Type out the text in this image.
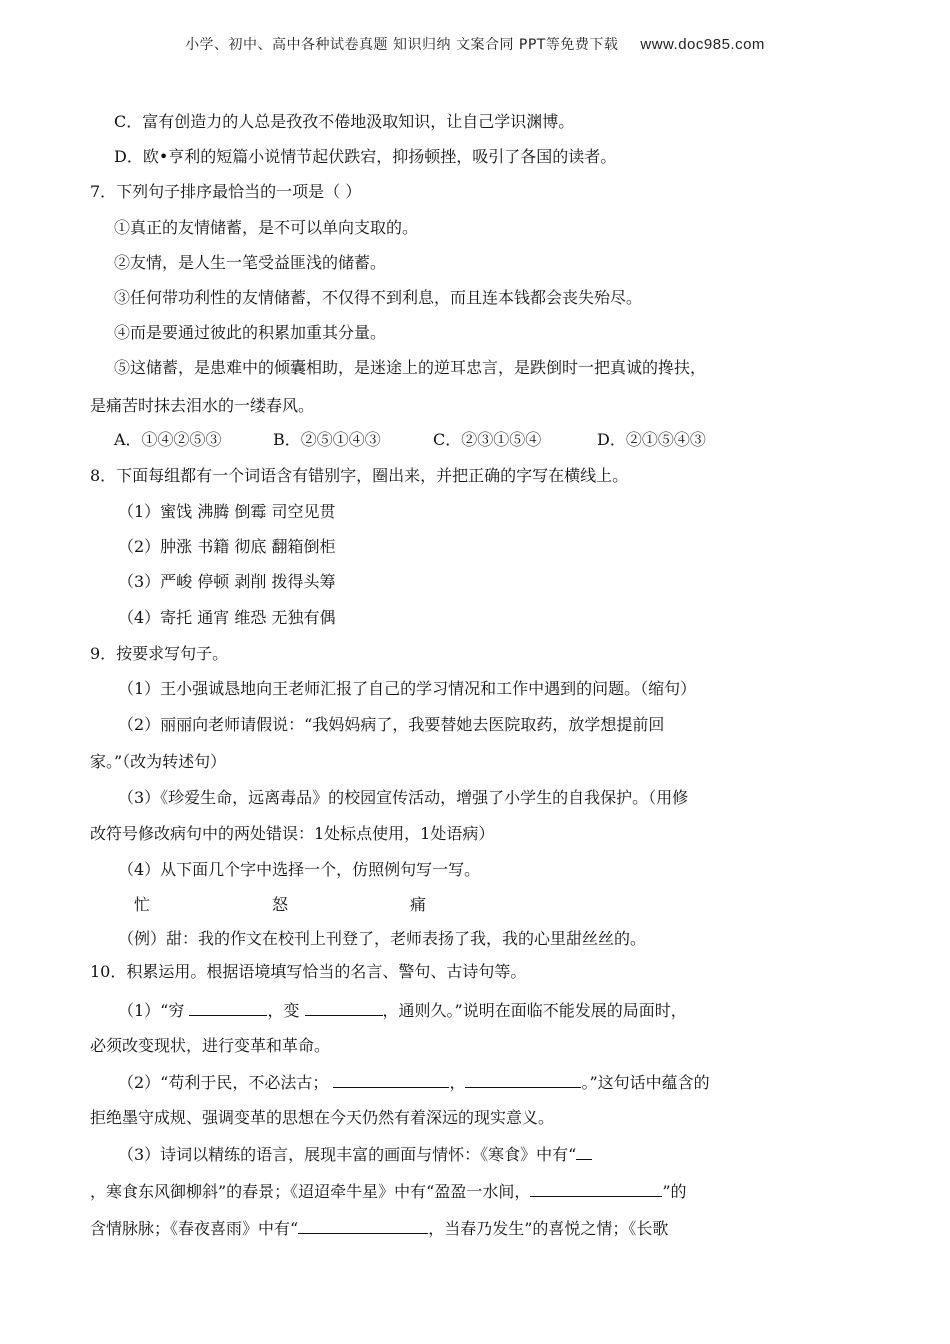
小学、初中、高中各种试卷真题 知识归纳 文案合同 PPT等免费下载 www.doc985.com
C．富有创造力的人总是孜孜不倦地汲取知识，让自己学识渊博。
D．欧•亨利的短篇小说情节起伏跌宕，抑扬顿挫，吸引了各国的读者。
7．下列句子排序最恰当的一项是（ ）
①真正的友情储蓄，是不可以单向支取的。
②友情，是人生一笔受益匪浅的储蓄。
③任何带功利性的友情储蓄，不仅得不到利息，而且连本钱都会丧失殆尽。
④而是要通过彼此的积累加重其分量。
⑤这储蓄，是患难中的倾囊相助，是迷途上的逆耳忠言，是跌倒时一把真诚的搀扶，
是痛苦时抹去泪水的一缕春风。
A．①④②⑤③	B．②⑤①④③	C．②③①⑤④	D．②①⑤④③
8．下面每组都有一个词语含有错别字，圈出来，并把正确的字写在横线上。
（1）蜜饯 沸腾 倒霉 司空见贯
（2）肿涨 书籍 彻底 翻箱倒柜
（3）严峻 停顿 剥削 拨得头筹
（4）寄托 通宵 维恐 无独有偶
9．按要求写句子。
（1）王小强诚恳地向王老师汇报了自己的学习情况和工作中遇到的问题。（缩句）
（2）丽丽向老师请假说：“我妈妈病了，我要替她去医院取药，放学想提前回
家。”（改为转述句）
（3）《珍爱生命，远离毒品》的校园宣传活动，增强了小学生的自我保护。（用修
改符号修改病句中的两处错误：1处标点使用，1处语病）
（4）从下面几个字中选择一个，仿照例句写一写。
忙	怒	痛
（例）甜：我的作文在校刊上刊登了，老师表扬了我，我的心里甜丝丝的。
10．积累运用。根据语境填写恰当的名言、警句、古诗句等。
（1）“穷	，变	，通则久。”说明在面临不能发展的局面时，
必须改变现状，进行变革和革命。
（2）“苟利于民，不必法古；	，	。”这句话中蕴含的
拒绝墨守成规、强调变革的思想在今天仍然有着深远的现实意义。
（3）诗词以精练的语言，展现丰富的画面与情怀：《寒食》中有“
，寒食东风御柳斜”的春景；《迢迢牵牛星》中有“盈盈一水间，	”的
含情脉脉；《春夜喜雨》中有“	，当春乃发生”的喜悦之情；《长歌
